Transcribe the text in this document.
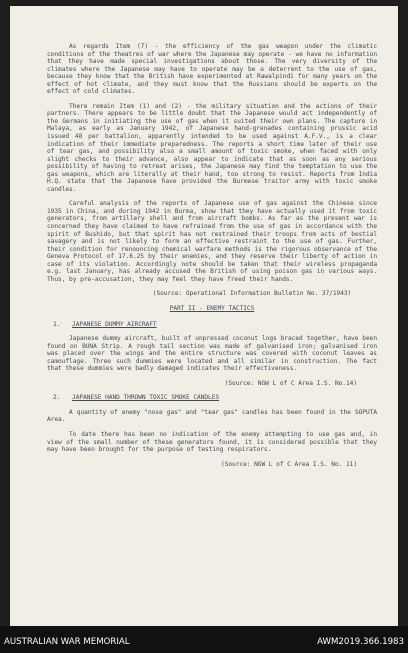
As regards Item (7) - the efficiency of the gas weapon under the climatic conditions of the theatres of war where the Japanese may operate - we have no information that they have made special investigations about those. The very diversity of the climates where the Japanese may have to operate may be a deterrent to the use of gas, because they know that the British have experimented at Rawalpindi for many years on the effect of hot climate, and they must know that the Russians should be experts on the effect of cold climates.

There remain Item (1) and (2) - the military situation and the actions of their partners. There appears to be little doubt that the Japanese would act independently of the Germans in initiating the use of gas when it suited their own plans. The capture in Malaya, as early as January 1942, of Japanese hand-grenades containing prussic acid issued 48 per battalion, apparently intended to be used against A.F.V., is a clear indication of their immediate preparedness. The reports a short time later of their use of tear gas, and possibility also a small amount of toxic smoke, when faced with only slight checks to their advance, also appear to indicate that as soon as any serious possibility of having to retreat arises, the Japanese may find the temptation to use the gas weapons, which are literally at their hand, too strong to resist. Reports from India H.Q. state that the Japanese have provided the Burmese traitor army with toxic smoke candles.

Careful analysis of the reports of Japanese use of gas against the Chinese since 1935 in China, and during 1942 in Burma, show that they have actually used it from toxic generators, from artillery shell and from aircraft bombs. As far as the present war is concerned they have claimed to have refrained from the use of gas in accordance with the spirit of Bushido, but that spirit has not restrained their troops from acts of bestial savagery and is not likely to form an effective restraint to the use of gas. Further, their condition for renouncing chemical warfare methods is the rigorous observance of the Geneva Protocol of 17.6.25 by their enemies, and they reserve their liberty of action in case of its violation. Accordingly note should be taken that their wireless propaganda e.g. last January, has already accused the British of using poison gas in various ways. Thus, by pre-accusation, they may feel they have freed their hands.

(Source: Operational Information Bulletin No. 37/1943)

PART II - ENEMY TACTICS

1. JAPANESE DUMMY AIRCRAFT

Japanese dummy aircraft, built of unpressed coconut logs braced together, have been found on BUNA Strip. A rough tail section was made of galvanised iron; galvanised iron was placed over the wings and the entire structure was covered with coconut leaves as camouflage. Three such dummies were located and all similar in construction. The fact that these dummies were badly damaged indicates their effectiveness.

(Source: NGW L of C Area I.S. No.14)

2. JAPANESE HAND THROWN TOXIC SMOKE CANDLES

A quantity of enemy "nose gas" and "tear gas" candles has been found in the SOPUTA Area.

To date there has been no indication of the enemy attempting to use gas and, in view of the small number of these generators found, it is considered possible that they may have been brought for the purpose of testing respirators.

(Source: NGW L of C Area I.S. No. 11)

AUSTRALIAN WAR MEMORIAL	AWM2019.366.1983
